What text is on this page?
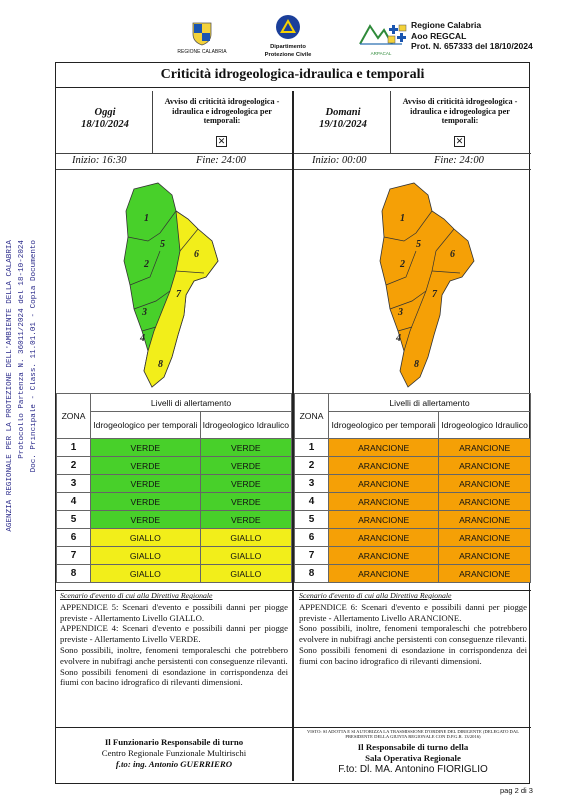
AGENZIA REGIONALE PER LA PROTEZIONE DELL'AMBIENTE DELLA CALABRIA Protocollo Partenza N. 36011/2024 del 18-10-2024 Doc. Principale - Class. 11.01.01 - Copia Documento
REGIONE CALABRIA
Dipartimento
Protezione Civile	ARPACAL
Regione Calabria
Aoo REGCAL
Prot. N. 657333 del 18/10/2024
Criticità idrogeologica-idraulica e temporali
Oggi
18/10/2024
Avviso di criticità idrogeologica - idraulica e idrogeologica per temporali:
✕
Inizio: 16:30	Fine: 24:00
Domani
19/10/2024
Avviso di criticità idrogeologica - idraulica e idrogeologica per temporali:
✕
Inizio: 00:00	Fine: 24:00
1
2
5
6
3
7
4
8
1
2
5
6
3
7
4
8
ZONA	Livelli di allertamento	
	Idrogeologico per temporali	Idrogeologico Idraulico
1	VERDE	VERDE
2	VERDE	VERDE
3	VERDE	VERDE
4	VERDE	VERDE
5	VERDE	VERDE
6	GIALLO	GIALLO
7	GIALLO	GIALLO
8	GIALLO	GIALLO
ZONA	Livelli di allertamento	
	Idrogeologico per temporali	Idrogeologico Idraulico
1	ARANCIONE	ARANCIONE
2	ARANCIONE	ARANCIONE
3	ARANCIONE	ARANCIONE
4	ARANCIONE	ARANCIONE
5	ARANCIONE	ARANCIONE
6	ARANCIONE	ARANCIONE
7	ARANCIONE	ARANCIONE
8	ARANCIONE	ARANCIONE
Scenario d'evento di cui alla Direttiva Regionale
APPENDICE 5: Scenari d'evento e possibili danni per piogge previste - Allertamento Livello GIALLO.
APPENDICE 4: Scenari d'evento e possibili danni per piogge previste - Allertamento Livello VERDE.
Sono possibili, inoltre, fenomeni temporaleschi che potrebbero evolvere in nubifragi anche persistenti con conseguenze rilevanti.
Sono possibili fenomeni di esondazione in corrispondenza dei fiumi con bacino idrografico di rilevanti dimensioni.
Scenario d'evento di cui alla Direttiva Regionale
APPENDICE 6: Scenari d'evento e possibili danni per piogge previste - Allertamento Livello ARANCIONE.
Sono possibili, inoltre, fenomeni temporaleschi che potrebbero evolvere in nubifragi anche persistenti con conseguenze rilevanti.
Sono possibili fenomeni di esondazione in corrispondenza dei fiumi con bacino idrografico di rilevanti dimensioni.
Il Funzionario Responsabile di turno
Centro Regionale Funzionale Multirischi
f.to: ing. Antonio GUERRIERO
VISTO: SI ADOTTA E SI AUTORIZZA LA TRASMISSIONE D'ORDINE DEL DIRIGENTE (DELEGATO DAL PRESIDENTE DELLA GIUNTA REGIONALE CON D.P.G.R. 13/2016)
Il Responsabile di turno della
Sala Operativa Regionale
F.to: Dl. MA. Antonino FIORIGLIO
pag 2 di 3
